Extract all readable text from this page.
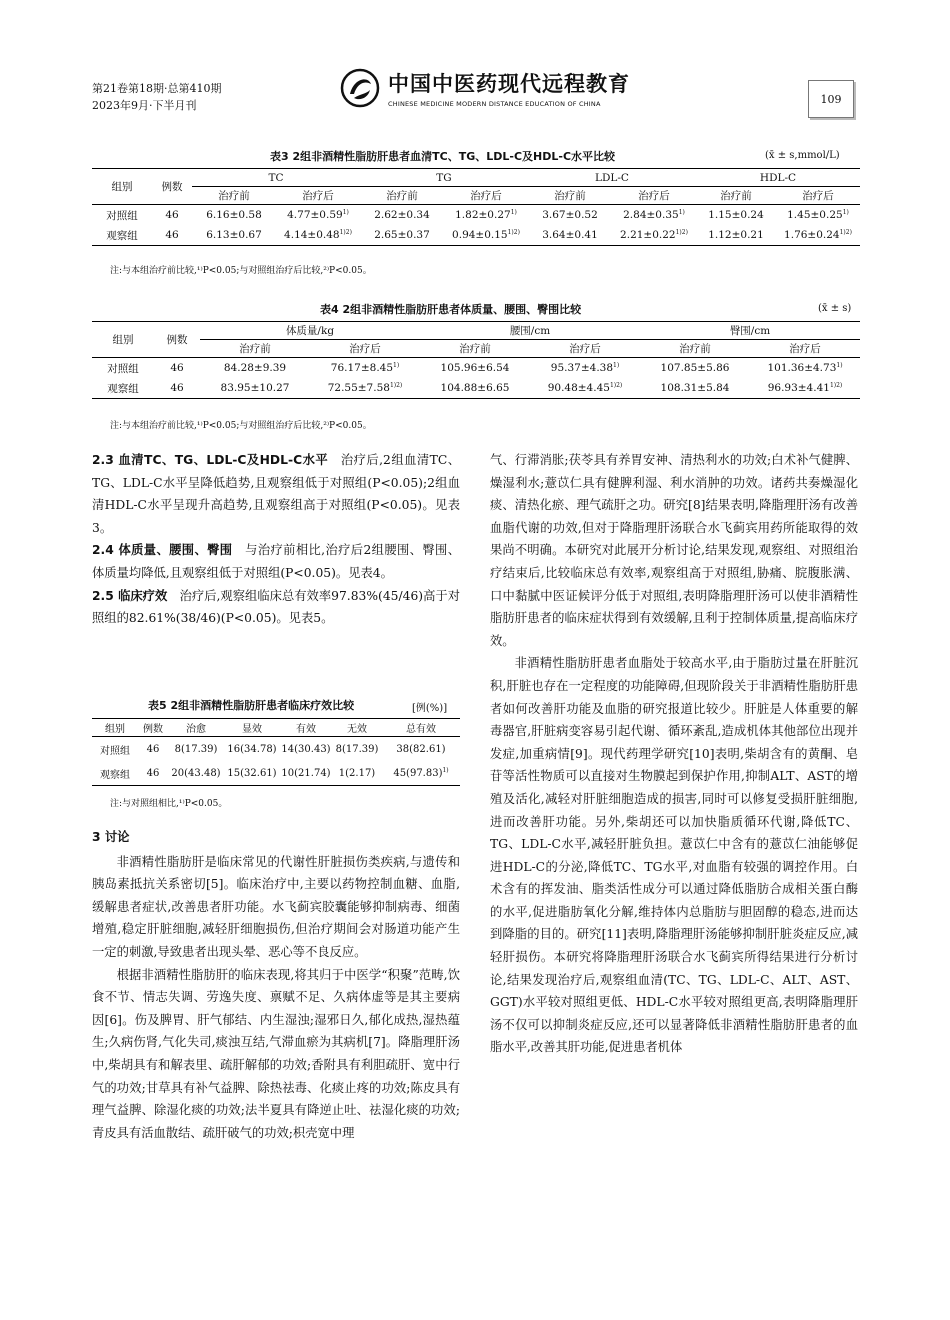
第21卷第18期·总第410期
2023年9月·下半月刊
中国中医药现代远程教育
CHINESE MEDICINE MODERN DISTANCE EDUCATION OF CHINA	109
表3 2组非酒精性脂肪肝患者血清TC、TG、LDL-C及HDL-C水平比较	(x̄ ± s,mmol/L)
组别	例数	TC		TG		LDL-C		HDL-C	
		治疗前	治疗后	治疗前	治疗后	治疗前	治疗后	治疗前	治疗后
对照组	46	6.16±0.58	$4.77\pm 0.59^{1)}$	2.62±0.34	$1.82\pm 0.27^{1)}$	3.67±0.52	$2.84\pm 0.35^{1)}$	1.15±0.24	$1.45\pm 0.25^{1)}$
观察组	46	6.13±0.67	$4.14\pm 0.48^{1)2)}$	2.65±0.37	$0.94\pm 0.15^{1)2)}$	3.64±0.41	$2.21\pm 0.22^{1)2)}$	1.12±0.21	$1.76\pm 0.24^{1)2)}$
注:与本组治疗前比较,¹⁾P<0.05;与对照组治疗后比较,²⁾P<0.05。
表4 2组非酒精性脂肪肝患者体质量、腰围、臀围比较	(x̄ ± s)
组别	例数	体质量/kg		腰围/cm		臀围/cm	
		治疗前	治疗后	治疗前	治疗后	治疗前	治疗后
对照组	46	84.28±9.39	$76.17\pm 8.45^{1)}$	105.96±6.54	$95.37\pm 4.38^{1)}$	107.85±5.86	$101.36\pm 4.73^{1)}$
观察组	46	83.95±10.27	$72.55\pm 7.58^{1)2)}$	104.88±6.65	$90.48\pm 4.45^{1)2)}$	108.31±5.84	$96.93\pm 4.41^{1)2)}$
注:与本组治疗前比较,¹⁾P<0.05;与对照组治疗后比较,²⁾P<0.05。

2.3 血清TC、TG、LDL-C及HDL-C水平  治疗后,2组血清TC、TG、LDL-C水平呈降低趋势,且观察组低于对照组(P<0.05);2组血清HDL-C水平呈现升高趋势,且观察组高于对照组(P<0.05)。见表3。

2.4 体质量、腰围、臀围  与治疗前相比,治疗后2组腰围、臀围、体质量均降低,且观察组低于对照组(P<0.05)。见表4。

2.5 临床疗效  治疗后,观察组临床总有效率97.83%(45/46)高于对照组的82.61%(38/46)(P<0.05)。见表5。

表5 2组非酒精性脂肪肝患者临床疗效比较	[例(%)]
组别	例数	治愈	显效	有效	无效	总有效
对照组	46	8(17.39)	16(34.78)	14(30.43)	8(17.39)	38(82.61)
观察组	46	20(43.48)	15(32.61)	10(21.74)	1(2.17)	$45(97.83)^{1)}$
注:与对照组相比,¹⁾P<0.05。
3 讨论

非酒精性脂肪肝是临床常见的代谢性肝脏损伤类疾病,与遗传和胰岛素抵抗关系密切[5]。临床治疗中,主要以药物控制血糖、血脂,缓解患者症状,改善患者肝功能。水飞蓟宾胶囊能够抑制病毒、细菌增殖,稳定肝脏细胞,减轻肝细胞损伤,但治疗期间会对肠道功能产生一定的刺激,导致患者出现头晕、恶心等不良反应。

根据非酒精性脂肪肝的临床表现,将其归于中医学“积聚”范畴,饮食不节、情志失调、劳逸失度、禀赋不足、久病体虚等是其主要病因[6]。伤及脾胃、肝气郁结、内生湿浊;湿邪日久,郁化成热,湿热蕴生;久病伤肾,气化失司,痰浊互结,气滞血瘀为其病机[7]。降脂理肝汤中,柴胡具有和解表里、疏肝解郁的功效;香附具有利胆疏肝、宽中行气的功效;甘草具有补气益脾、除热祛毒、化痰止疼的功效;陈皮具有理气益脾、除湿化痰的功效;法半夏具有降逆止吐、祛湿化痰的功效;青皮具有活血散结、疏肝破气的功效;枳壳宽中理

气、行滞消胀;茯苓具有养胃安神、清热利水的功效;白术补气健脾、燥湿利水;薏苡仁具有健脾利湿、利水消肿的功效。诸药共奏燥湿化痰、清热化瘀、理气疏肝之功。研究[8]结果表明,降脂理肝汤有改善血脂代谢的功效,但对于降脂理肝汤联合水飞蓟宾用药所能取得的效果尚不明确。本研究对此展开分析讨论,结果发现,观察组、对照组治疗结束后,比较临床总有效率,观察组高于对照组,胁痛、脘腹胀满、口中黏腻中医证候评分低于对照组,表明降脂理肝汤可以使非酒精性脂肪肝患者的临床症状得到有效缓解,且利于控制体质量,提高临床疗效。

非酒精性脂肪肝患者血脂处于较高水平,由于脂肪过量在肝脏沉积,肝脏也存在一定程度的功能障碍,但现阶段关于非酒精性脂肪肝患者如何改善肝功能及血脂的研究报道比较少。肝脏是人体重要的解毒器官,肝脏病变容易引起代谢、循环紊乱,造成机体其他部位出现并发症,加重病情[9]。现代药理学研究[10]表明,柴胡含有的黄酮、皂苷等活性物质可以直接对生物膜起到保护作用,抑制ALT、AST的增殖及活化,减轻对肝脏细胞造成的损害,同时可以修复受损肝脏细胞,进而改善肝功能。另外,柴胡还可以加快脂质循环代谢,降低TC、TG、LDL-C水平,减轻肝脏负担。薏苡仁中含有的薏苡仁油能够促进HDL-C的分泌,降低TC、TG水平,对血脂有较强的调控作用。白术含有的挥发油、脂类活性成分可以通过降低脂肪合成相关蛋白酶的水平,促进脂肪氧化分解,维持体内总脂肪与胆固醇的稳态,进而达到降脂的目的。研究[11]表明,降脂理肝汤能够抑制肝脏炎症反应,减轻肝损伤。本研究将降脂理肝汤联合水飞蓟宾所得结果进行分析讨论,结果发现治疗后,观察组血清(TC、TG、LDL-C、ALT、AST、GGT)水平较对照组更低、HDL-C水平较对照组更高,表明降脂理肝汤不仅可以抑制炎症反应,还可以显著降低非酒精性脂肪肝患者的血脂水平,改善其肝功能,促进患者机体
